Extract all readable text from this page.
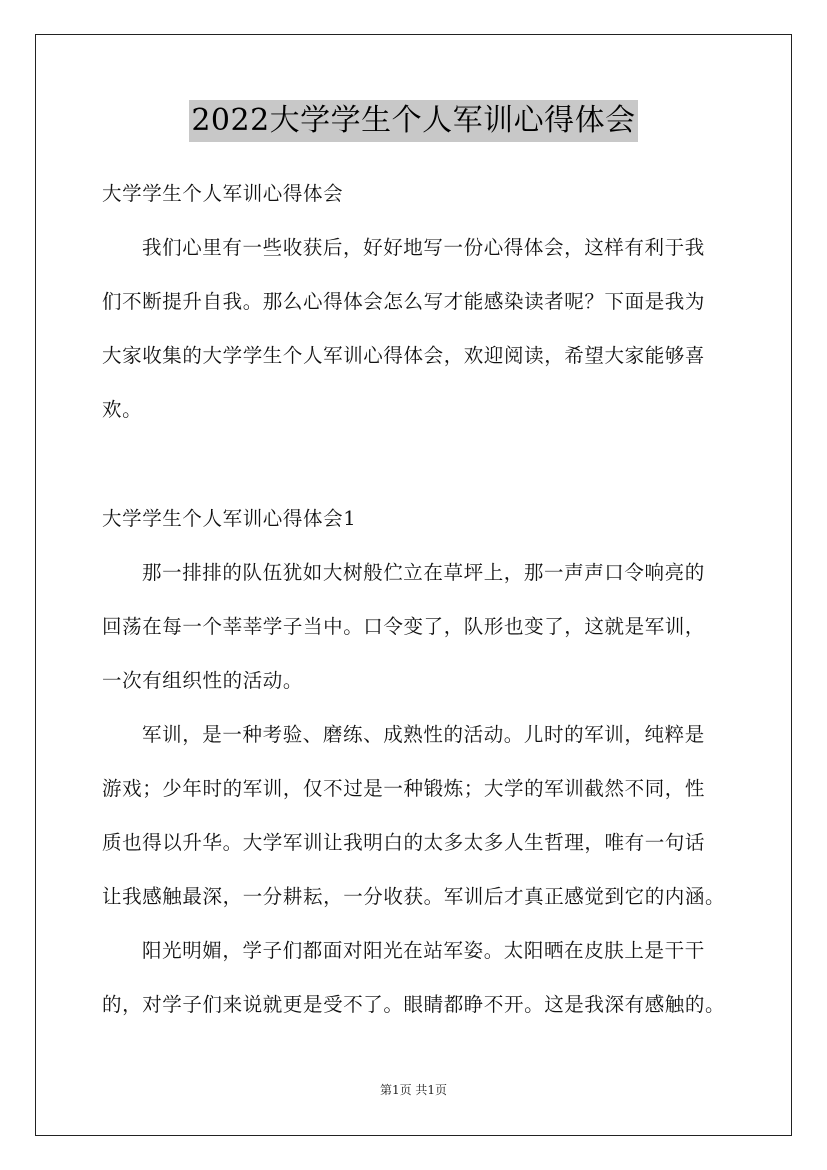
2022大学学生个人军训心得体会
大学学生个人军训心得体会
我们心里有一些收获后，好好地写一份心得体会，这样有利于我
们不断提升自我。那么心得体会怎么写才能感染读者呢？下面是我为
大家收集的大学学生个人军训心得体会，欢迎阅读，希望大家能够喜
欢。
大学学生个人军训心得体会1
那一排排的队伍犹如大树般伫立在草坪上，那一声声口令响亮的
回荡在每一个莘莘学子当中。口令变了，队形也变了，这就是军训，
一次有组织性的活动。
军训，是一种考验、磨练、成熟性的活动。儿时的军训，纯粹是
游戏；少年时的军训，仅不过是一种锻炼；大学的军训截然不同，性
质也得以升华。大学军训让我明白的太多太多人生哲理，唯有一句话
让我感触最深，一分耕耘，一分收获。军训后才真正感觉到它的内涵。
阳光明媚，学子们都面对阳光在站军姿。太阳晒在皮肤上是干干
的，对学子们来说就更是受不了。眼睛都睁不开。这是我深有感触的。
第1页 共1页
